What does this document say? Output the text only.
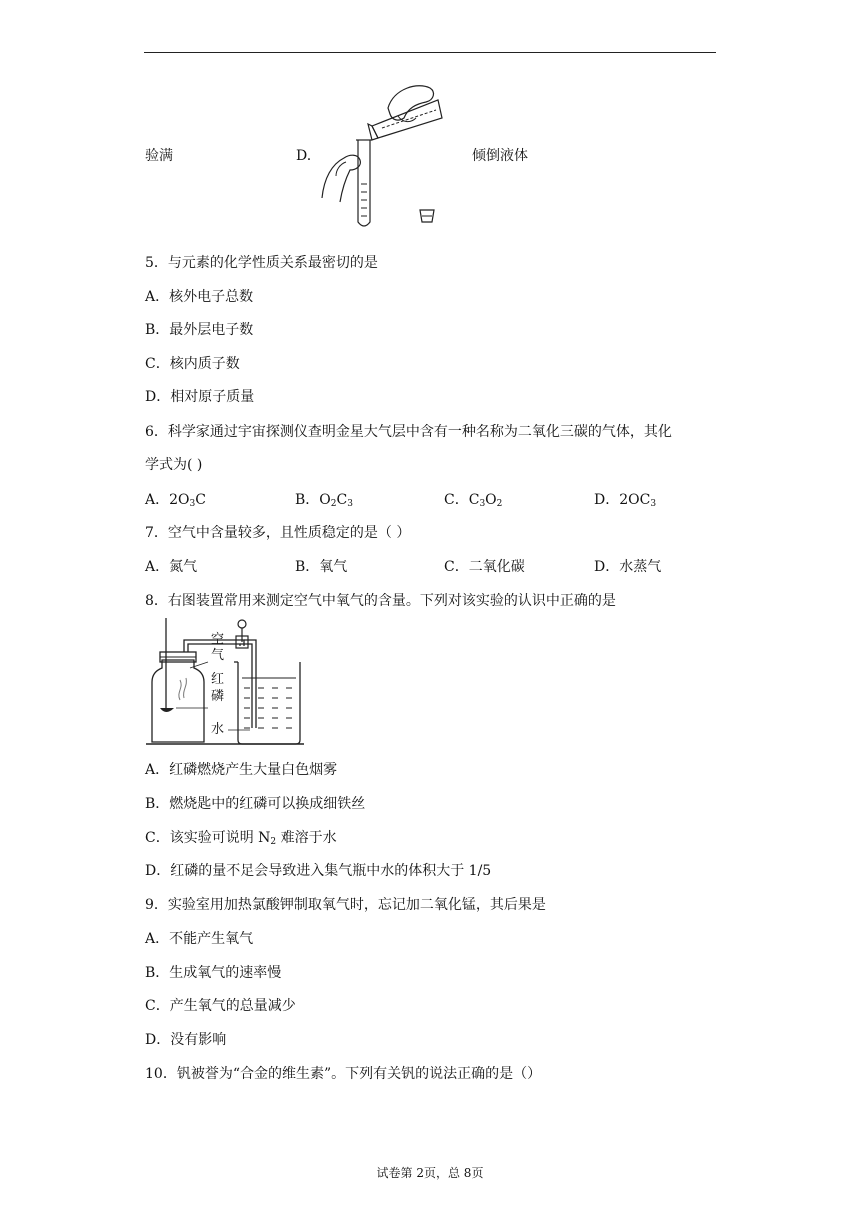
验满	D.	倾倒液体
5．与元素的化学性质关系最密切的是
A．核外电子总数
B．最外层电子数
C．核内质子数
D．相对原子质量
6．科学家通过宇宙探测仪查明金星大气层中含有一种名称为二氧化三碳的气体，其化
学式为( )
A．$2O_3C$	B．$O_2C_3$	C．$C_3O_2$	D．$2OC_3$
7．空气中含量较多，且性质稳定的是（ ）
A．氮气	B．氧气	C．二氧化碳	D．水蒸气
8．右图装置常用来测定空气中氧气的含量。下列对该实验的认识中正确的是
空
气
红
磷
水
A．红磷燃烧产生大量白色烟雾
B．燃烧匙中的红磷可以换成细铁丝
C．该实验可说明 $N_2$ 难溶于水
D．红磷的量不足会导致进入集气瓶中水的体积大于 1/5
9．实验室用加热氯酸钾制取氧气时，忘记加二氧化锰，其后果是
A．不能产生氧气
B．生成氧气的速率慢
C．产生氧气的总量减少
D．没有影响
10．钒被誉为“合金的维生素”。下列有关钒的说法正确的是（）
试卷第 2页，总 8页
